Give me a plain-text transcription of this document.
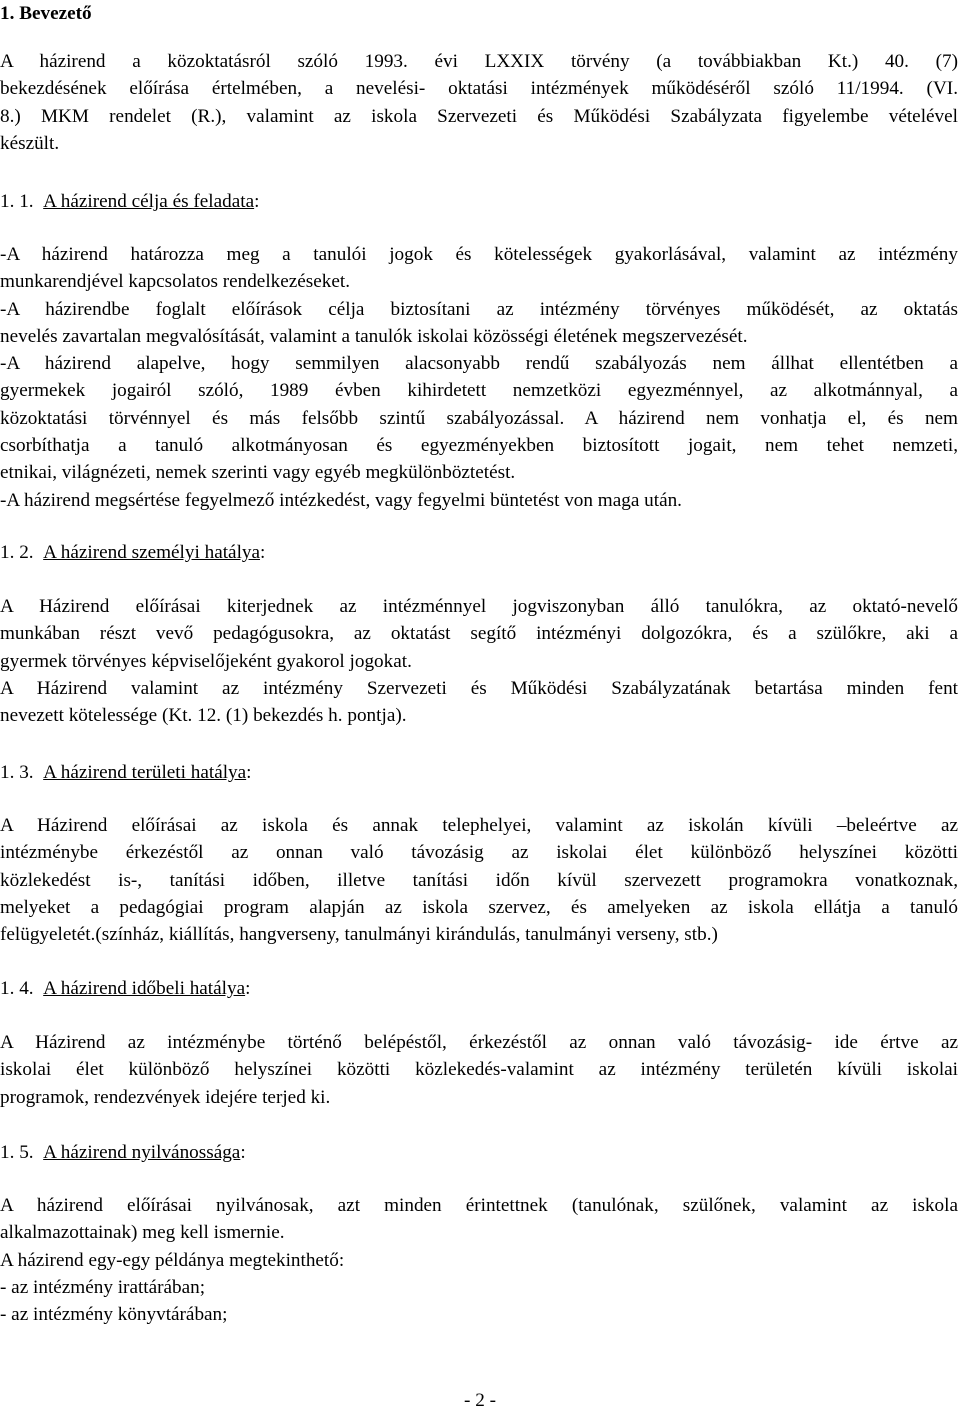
1. Bevezető
A házirend a közoktatásról szóló 1993. évi LXXIX törvény (a továbbiakban Kt.) 40. (7)
bekezdésének előírása értelmében, a nevelési- oktatási intézmények működéséről szóló 11/1994. (VI.
8.) MKM rendelet (R.), valamint az iskola Szervezeti és Működési Szabályzata figyelembe vételével
készült.
1. 1. A házirend célja és feladata:
-A házirend határozza meg a tanulói jogok és kötelességek gyakorlásával, valamint az intézmény
munkarendjével kapcsolatos rendelkezéseket.
-A házirendbe foglalt előírások célja biztosítani az intézmény törvényes működését, az oktatás
nevelés zavartalan megvalósítását, valamint a tanulók iskolai közösségi életének megszervezését.
-A házirend alapelve, hogy semmilyen alacsonyabb rendű szabályozás nem állhat ellentétben a
gyermekek jogairól szóló, 1989 évben kihirdetett nemzetközi egyezménnyel, az alkotmánnyal, a
közoktatási törvénnyel és más felsőbb szintű szabályozással. A házirend nem vonhatja el, és nem
csorbíthatja a tanuló alkotmányosan és egyezményekben biztosított jogait, nem tehet nemzeti,
etnikai, világnézeti, nemek szerinti vagy egyéb megkülönböztetést.
-A házirend megsértése fegyelmező intézkedést, vagy fegyelmi büntetést von maga után.
1. 2. A házirend személyi hatálya:
A Házirend előírásai kiterjednek az intézménnyel jogviszonyban álló tanulókra, az oktató-nevelő
munkában részt vevő pedagógusokra, az oktatást segítő intézményi dolgozókra, és a szülőkre, aki a
gyermek törvényes képviselőjeként gyakorol jogokat.
A Házirend valamint az intézmény Szervezeti és Működési Szabályzatának betartása minden fent
nevezett kötelessége (Kt. 12. (1) bekezdés h. pontja).
1. 3. A házirend területi hatálya:
A Házirend előírásai az iskola és annak telephelyei, valamint az iskolán kívüli –beleértve az
intézménybe érkezéstől az onnan való távozásig az iskolai élet különböző helyszínei közötti
közlekedést is-, tanítási időben, illetve tanítási időn kívül szervezett programokra vonatkoznak,
melyeket a pedagógiai program alapján az iskola szervez, és amelyeken az iskola ellátja a tanuló
felügyeletét.(színház, kiállítás, hangverseny, tanulmányi kirándulás, tanulmányi verseny, stb.)
1. 4. A házirend időbeli hatálya:
A Házirend az intézménybe történő belépéstől, érkezéstől az onnan való távozásig- ide értve az
iskolai élet különböző helyszínei közötti közlekedés-valamint az intézmény területén kívüli iskolai
programok, rendezvények idejére terjed ki.
1. 5. A házirend nyilvánossága:
A házirend előírásai nyilvánosak, azt minden érintettnek (tanulónak, szülőnek, valamint az iskola
alkalmazottainak) meg kell ismernie.
A házirend egy-egy példánya megtekinthető:
- az intézmény irattárában;
- az intézmény könyvtárában;
- 2 -
